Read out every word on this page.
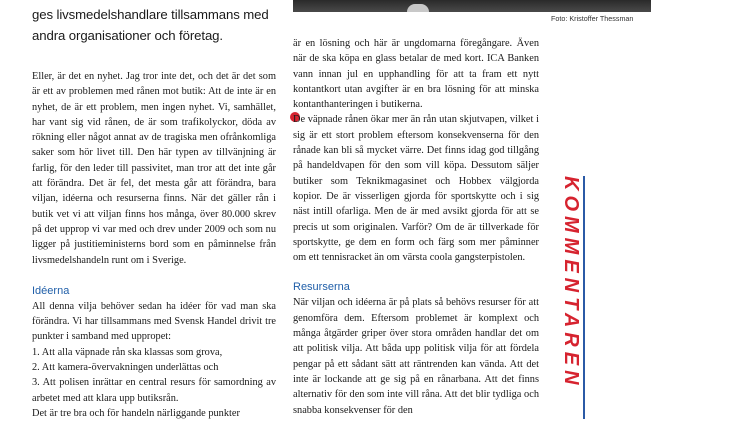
Foto: Kristoffer Thessman

ges livsmedelshandlare tillsammans med

andra organisationer och företag.

Eller, är det en nyhet. Jag tror inte det, och det är det som är ett av problemen med rånen mot butik: Att de inte är en nyhet, de är ett problem, men ingen nyhet. Vi, samhället, har vant sig vid rånen, de är som trafikolyckor, döda av rökning eller något annat av de tragiska men ofrånkomliga saker som hör livet till. Den här typen av tillvänjning är farlig, för den leder till passivitet, man tror att det inte går att förändra. Det är fel, det mesta går att förändra, bara viljan, idéerna och resurserna finns. När det gäller rån i butik vet vi att viljan finns hos många, över 80.000 skrev på det upprop vi var med och drev under 2009 och som nu ligger på justitieministerns bord som en påminnelse från livsmedelshandeln runt om i Sverige.

Idéerna

All denna vilja behöver sedan ha idéer för vad man ska förändra. Vi har tillsammans med Svensk Handel drivit tre punkter i samband med uppropet:

1. Att alla väpnade rån ska klassas som grova,

2. Att kamera-övervakningen underlättas och

3. Att polisen inrättar en central resurs för samordning av arbetet med att klara upp butiksrån.

Det är tre bra och för handeln närliggande punkter

är en lösning och här är ungdomarna föregångare. Även när de ska köpa en glass betalar de med kort. ICA Banken vann innan jul en upphandling för att ta fram ett nytt kontantkort utan avgifter är en bra lösning för att minska kontanthanteringen i butikerna.

De väpnade rånen ökar mer än rån utan skjutvapen, vilket i sig är ett stort problem eftersom konsekvenserna för den rånade kan bli så mycket värre. Det finns idag god tillgång på handeldvapen för den som vill köpa. Dessutom säljer butiker som Teknikmagasinet och Hobbex välgjorda kopior. De är visserligen gjorda för sportskytte och i sig näst intill ofarliga. Men de är med avsikt gjorda för att se precis ut som originalen. Varför? Om de är tillverkade för sportskytte, ge dem en form och färg som mer påminner om ett tennisracket än om värsta coola gangsterpistolen.

Resurserna

När viljan och idéerna är på plats så behövs resurser för att genomföra dem. Eftersom problemet är komplext och många åtgärder griper över stora områden handlar det om att politisk vilja. Att båda upp politisk vilja för att fördela pengar på ett sådant sätt att räntrenden kan vända. Att det inte är lockande att ge sig på en rånarbana. Att det finns alternativ för den som inte vill råna. Att det blir tydliga och snabba konsekvenser för den

KOMMENTAREN
